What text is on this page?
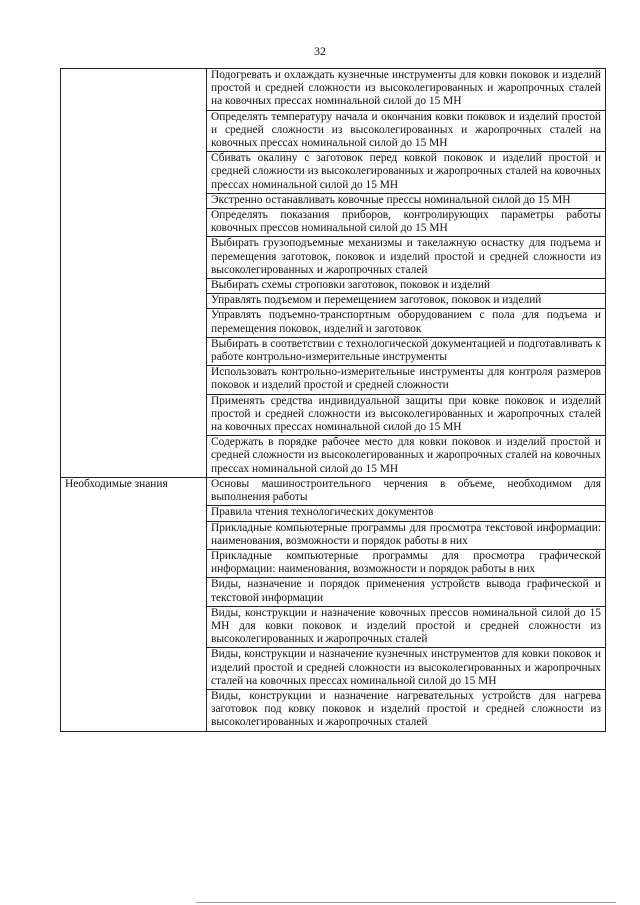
32
	Подогревать и охлаждать кузнечные инструменты для ковки поковок и изделий простой и средней сложности из высоколегированных и жаропрочных сталей на ковочных прессах номинальной силой до 15 МН
	Определять температуру начала и окончания ковки поковок и изделий простой и средней сложности из высоколегированных и жаропрочных сталей на ковочных прессах номинальной силой до 15 МН
	Сбивать окалину с заготовок перед ковкой поковок и изделий простой и средней сложности из высоколегированных и жаропрочных сталей на ковочных прессах номинальной силой до 15 МН
	Экстренно останавливать ковочные прессы номинальной силой до 15 МН
	Определять показания приборов, контролирующих параметры работы ковочных прессов номинальной силой до 15 МН
	Выбирать грузоподъемные механизмы и такелажную оснастку для подъема и перемещения заготовок, поковок и изделий простой и средней сложности из высоколегированных и жаропрочных сталей
	Выбирать схемы строповки заготовок, поковок и изделий
	Управлять подъемом и перемещением заготовок, поковок и изделий
	Управлять подъемно-транспортным оборудованием с пола для подъема и перемещения поковок, изделий и заготовок
	Выбирать в соответствии с технологической документацией и подготавливать к работе контрольно-измерительные инструменты
	Использовать контрольно-измерительные инструменты для контроля размеров поковок и изделий простой и средней сложности
	Применять средства индивидуальной защиты при ковке поковок и изделий простой и средней сложности из высоколегированных и жаропрочных сталей на ковочных прессах номинальной силой до 15 МН
	Содержать в порядке рабочее место для ковки поковок и изделий простой и средней сложности из высоколегированных и жаропрочных сталей на ковочных прессах номинальной силой до 15 МН
Необходимые знания	Основы машиностроительного черчения в объеме, необходимом для выполнения работы
	Правила чтения технологических документов
	Прикладные компьютерные программы для просмотра текстовой информации: наименования, возможности и порядок работы в них
	Прикладные компьютерные программы для просмотра графической информации: наименования, возможности и порядок работы в них
	Виды, назначение и порядок применения устройств вывода графической и текстовой информации
	Виды, конструкции и назначение ковочных прессов номинальной силой до 15 МН для ковки поковок и изделий простой и средней сложности из высоколегированных и жаропрочных сталей
	Виды, конструкции и назначение кузнечных инструментов для ковки поковок и изделий простой и средней сложности из высоколегированных и жаропрочных сталей на ковочных прессах номинальной силой до 15 МН
	Виды, конструкции и назначение нагревательных устройств для нагрева заготовок под ковку поковок и изделий простой и средней сложности из высоколегированных и жаропрочных сталей
